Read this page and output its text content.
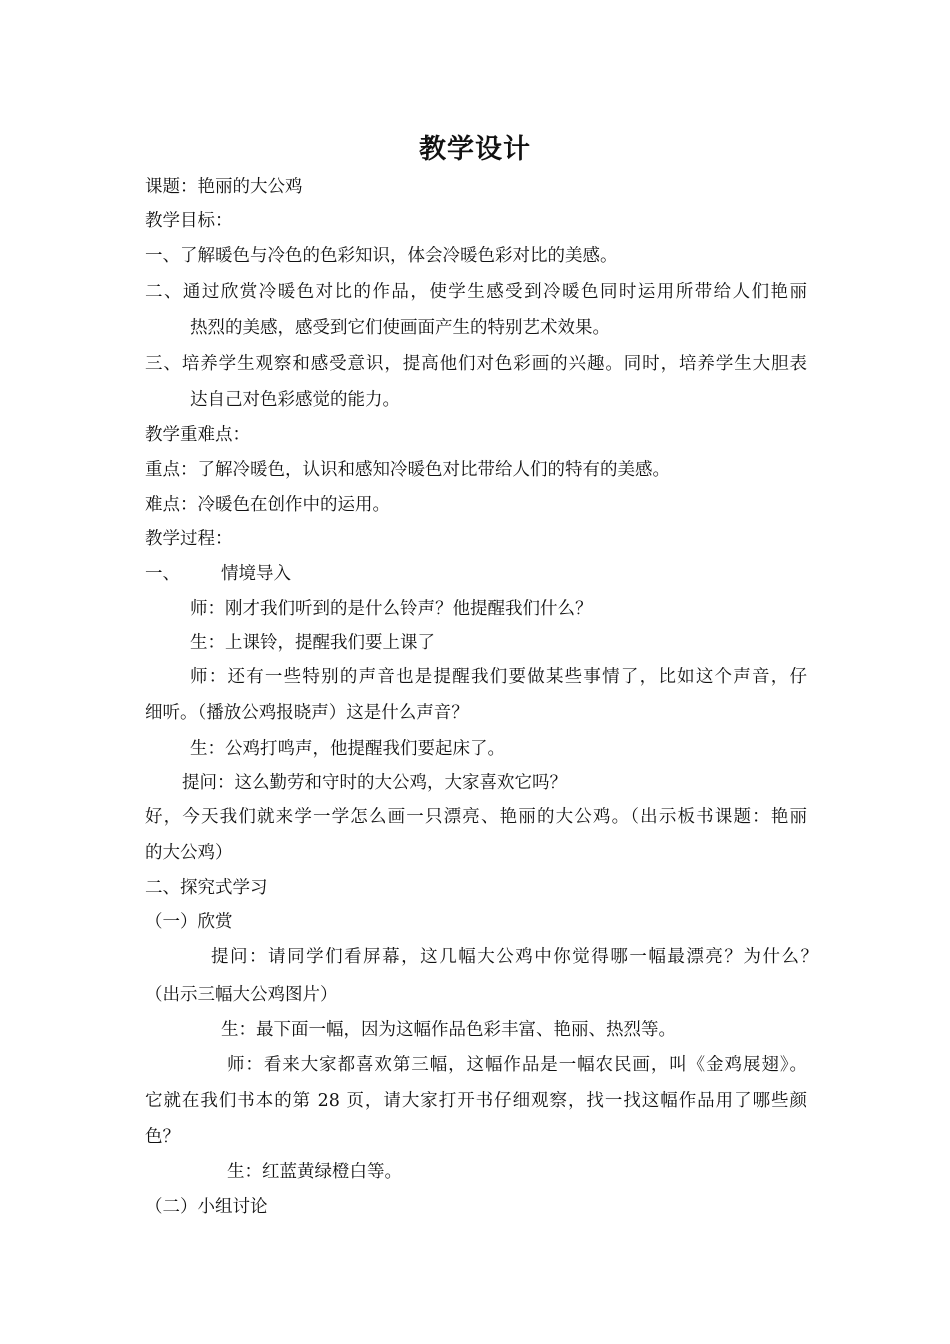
教学设计
课题：艳丽的大公鸡
教学目标：
一、了解暖色与冷色的色彩知识，体会冷暖色彩对比的美感。
二、通过欣赏冷暖色对比的作品，使学生感受到冷暖色同时运用所带给人们艳丽
热烈的美感，感受到它们使画面产生的特别艺术效果。
三、培养学生观察和感受意识，提高他们对色彩画的兴趣。同时，培养学生大胆表
达自己对色彩感觉的能力。
教学重难点：
重点：了解冷暖色，认识和感知冷暖色对比带给人们的特有的美感。
难点：冷暖色在创作中的运用。
教学过程：
一、 情境导入
师：刚才我们听到的是什么铃声？他提醒我们什么？
生：上课铃，提醒我们要上课了
师：还有一些特别的声音也是提醒我们要做某些事情了，比如这个声音，仔
细听。（播放公鸡报晓声）这是什么声音？
生：公鸡打鸣声，他提醒我们要起床了。
提问：这么勤劳和守时的大公鸡，大家喜欢它吗？
好，今天我们就来学一学怎么画一只漂亮、艳丽的大公鸡。（出示板书课题：艳丽
的大公鸡）
二、探究式学习
（一）欣赏
提问：请同学们看屏幕，这几幅大公鸡中你觉得哪一幅最漂亮？为什么？
（出示三幅大公鸡图片）
生：最下面一幅，因为这幅作品色彩丰富、艳丽、热烈等。
师：看来大家都喜欢第三幅，这幅作品是一幅农民画，叫《金鸡展翅》。
它就在我们书本的第 28 页，请大家打开书仔细观察，找一找这幅作品用了哪些颜
色？
生：红蓝黄绿橙白等。
（二）小组讨论
